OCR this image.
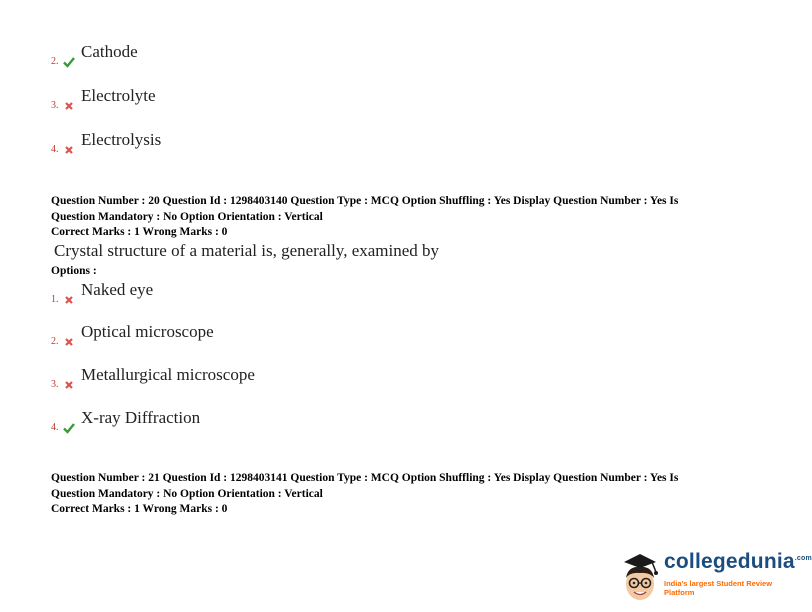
2.
Cathode
3.
Electrolyte
4.
Electrolysis
Question Number : 20 Question Id : 1298403140 Question Type : MCQ Option Shuffling : Yes Display Question Number : Yes Is
Question Mandatory : No Option Orientation : Vertical
Correct Marks : 1 Wrong Marks : 0
Crystal structure of a material is, generally, examined by
Options :
1.
Naked eye
2.
Optical microscope
3.
Metallurgical microscope
4.
X-ray Diffraction
Question Number : 21 Question Id : 1298403141 Question Type : MCQ Option Shuffling : Yes Display Question Number : Yes Is
Question Mandatory : No Option Orientation : Vertical
Correct Marks : 1 Wrong Marks : 0
collegedunia$^{.com}$
India's largest Student Review Platform
